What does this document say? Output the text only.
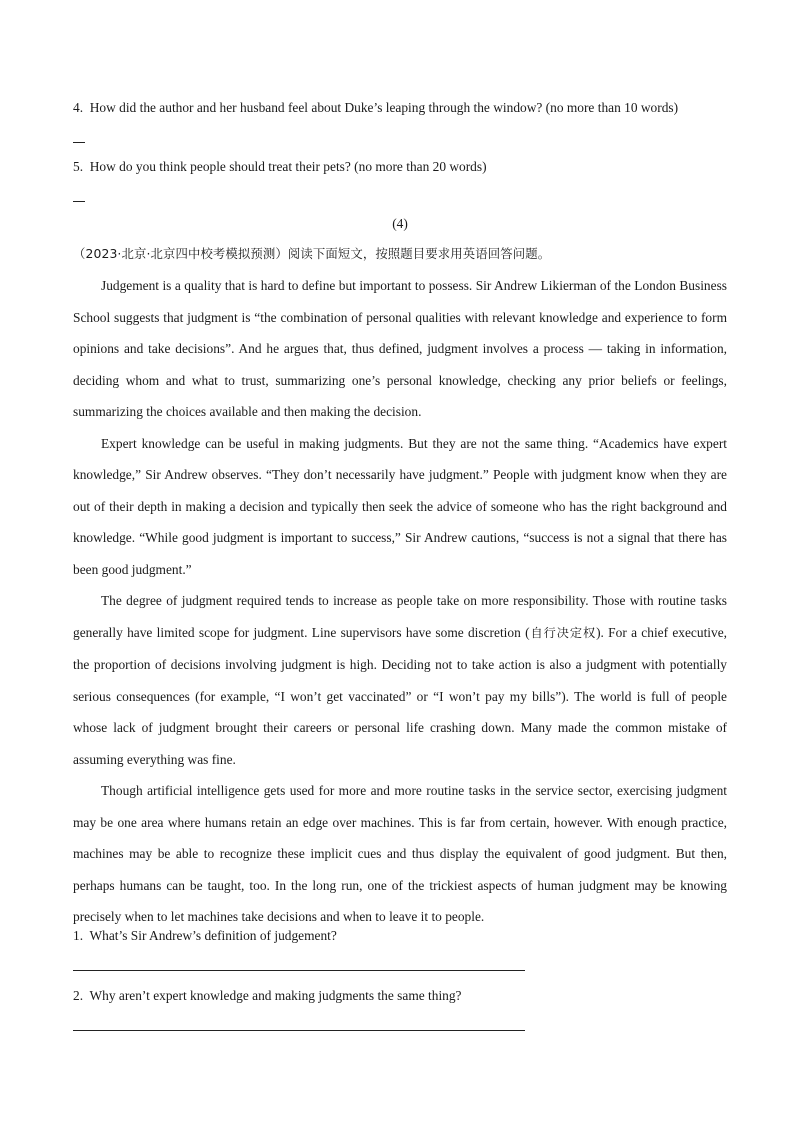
4. How did the author and her husband feel about Duke’s leaping through the window? (no more than 10 words)
5. How do you think people should treat their pets? (no more than 20 words)
(4)
（2023·北京·北京四中校考模拟预测）阅读下面短文，按照题目要求用英语回答问题。

Judgement is a quality that is hard to define but important to possess. Sir Andrew Likierman of the London Business School suggests that judgment is “the combination of personal qualities with relevant knowledge and experience to form opinions and take decisions”. And he argues that, thus defined, judgment involves a process — taking in information, deciding whom and what to trust, summarizing one’s personal knowledge, checking any prior beliefs or feelings, summarizing the choices available and then making the decision.

Expert knowledge can be useful in making judgments. But they are not the same thing. “Academics have expert knowledge,” Sir Andrew observes. “They don’t necessarily have judgment.” People with judgment know when they are out of their depth in making a decision and typically then seek the advice of someone who has the right background and knowledge. “While good judgment is important to success,” Sir Andrew cautions, “success is not a signal that there has been good judgment.”

The degree of judgment required tends to increase as people take on more responsibility. Those with routine tasks generally have limited scope for judgment. Line supervisors have some discretion (自行决定权). For a chief executive, the proportion of decisions involving judgment is high. Deciding not to take action is also a judgment with potentially serious consequences (for example, “I won’t get vaccinated” or “I won’t pay my bills”). The world is full of people whose lack of judgment brought their careers or personal life crashing down. Many made the common mistake of assuming everything was fine.

Though artificial intelligence gets used for more and more routine tasks in the service sector, exercising judgment may be one area where humans retain an edge over machines. This is far from certain, however. With enough practice, machines may be able to recognize these implicit cues and thus display the equivalent of good judgment. But then, perhaps humans can be taught, too. In the long run, one of the trickiest aspects of human judgment may be knowing precisely when to let machines take decisions and when to leave it to people.

1. What’s Sir Andrew’s definition of judgement?
2. Why aren’t expert knowledge and making judgments the same thing?
